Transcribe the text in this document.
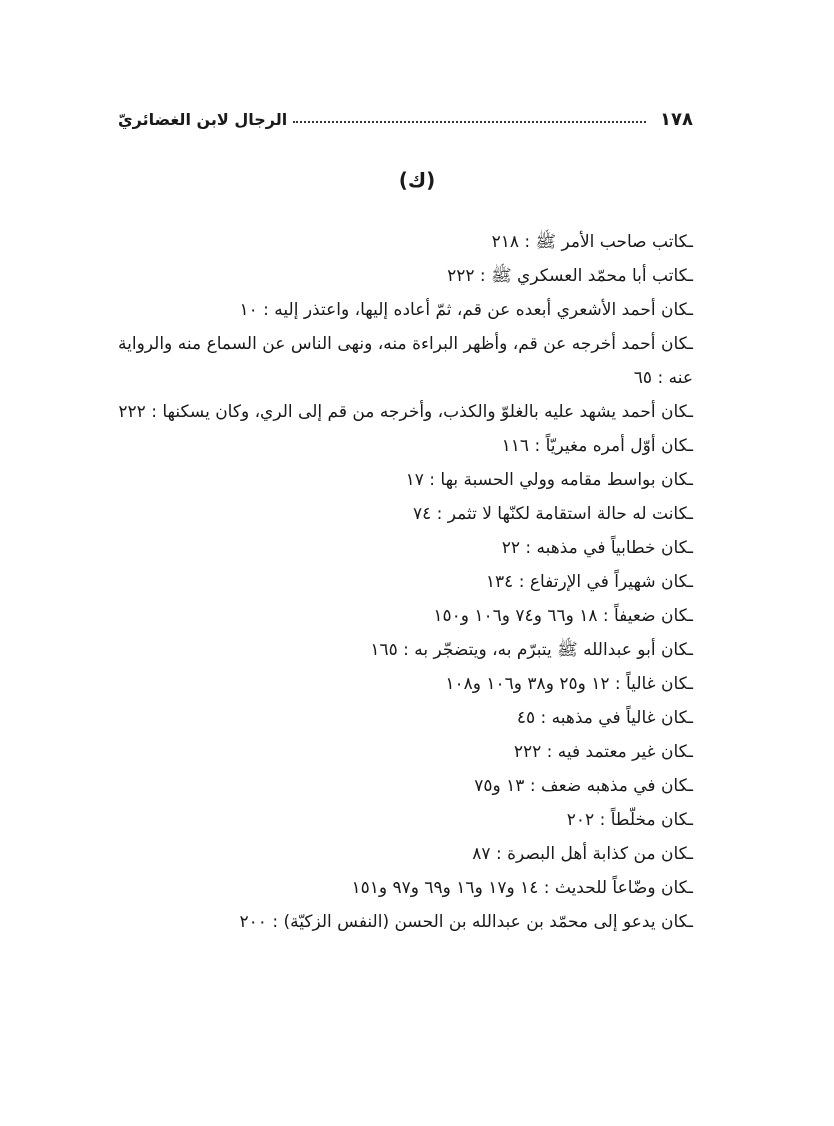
١٧٨
الرجال لابن الغضائريّ
(ك)
ـكاتب صاحب الأمر ﷺ : ٢١٨
ـكاتب أبا محمّد العسكري ﷺ : ٢٢٢
ـكان أحمد الأشعري أبعده عن قم، ثمّ أعاده إليها، واعتذر إليه : ١٠
ـكان أحمد أخرجه عن قم، وأظهر البراءة منه، ونهى الناس عن السماع منه والرواية عنه : ٦٥
ـكان أحمد يشهد عليه بالغلوّ والكذب، وأخرجه من قم إلى الري، وكان يسكنها : ٢٢٢
ـكان أوّل أمره مغيريّاً : ١١٦
ـكان بواسط مقامه وولي الحسبة بها : ١٧
ـكانت له حالة استقامة لكنّها لا تثمر : ٧٤
ـكان خطابياً في مذهبه : ٢٢
ـكان شهيراً في الإرتفاع : ١٣٤
ـكان ضعيفاً : ١٨ و٦٦ و٧٤ و١٠٦ و١٥٠
ـكان أبو عبدالله ﷺ يتبرّم به، ويتضجّر به : ١٦٥
ـكان غالياً : ١٢ و٢٥ و٣٨ و١٠٦ و١٠٨
ـكان غالياً في مذهبه : ٤٥
ـكان غير معتمد فيه : ٢٢٢
ـكان في مذهبه ضعف : ١٣ و٧٥
ـكان مخلّطاً : ٢٠٢
ـكان من كذابة أهل البصرة : ٨٧
ـكان وضّاعاً للحديث : ١٤ و١٧ و١٦ و٦٩ و٩٧ و١٥١
ـكان يدعو إلى محمّد بن عبدالله بن الحسن (النفس الزكيّة) : ٢٠٠
